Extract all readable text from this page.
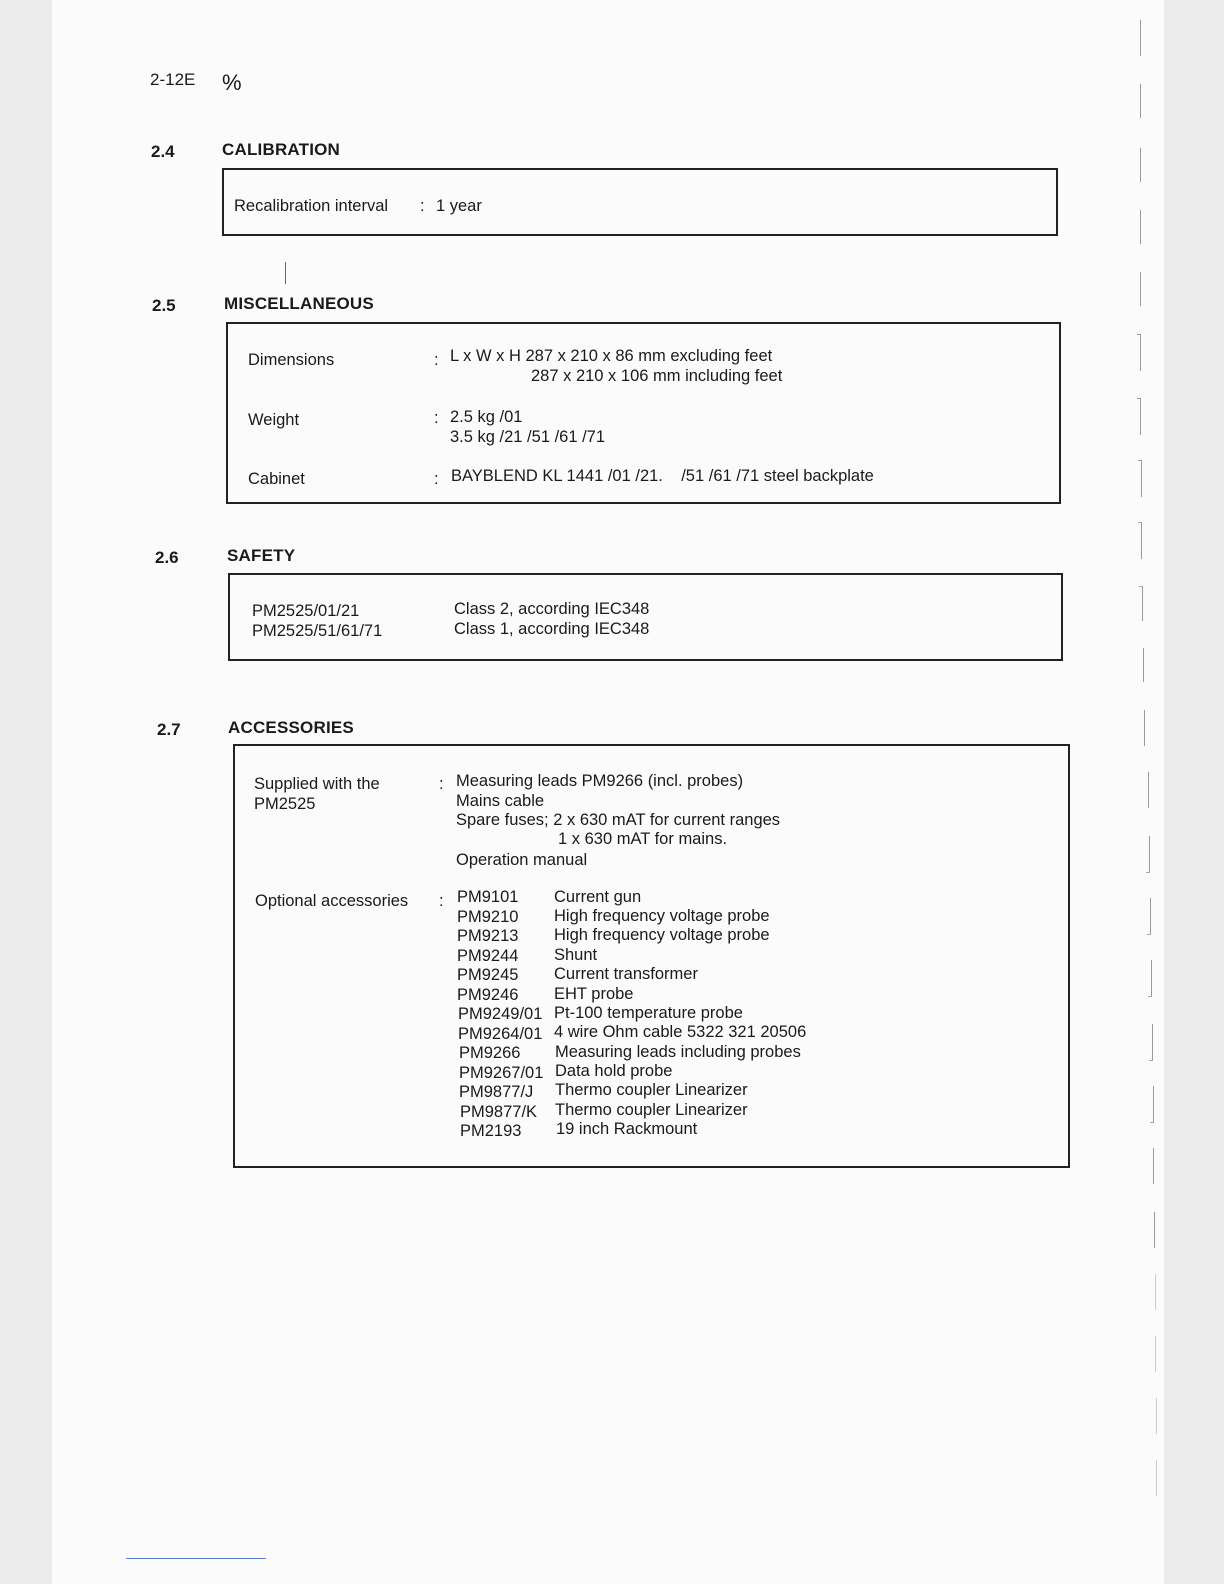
2-12E %
2.4	CALIBRATION
Recalibration interval : 1 year
2.5	MISCELLANEOUS
Dimensions	: L x W x H 287 x 210 x 86 mm excluding feet
287 x 210 x 106 mm including feet
Weight	: 2.5 kg /01
3.5 kg /21 /51 /61 /71
Cabinet	: BAYBLEND KL 1441 /01 /21.    /51 /61 /71 steel backplate
2.6	SAFETY
PM2525/01/21	Class 2, according IEC348
PM2525/51/61/71	Class 1, according IEC348
2.7	ACCESSORIES
Supplied with the
PM2525
: Measuring leads PM9266 (incl. probes)
Mains cable
Spare fuses; 2 x 630 mAT for current ranges
1 x 630 mAT for mains.
Operation manual
Optional accessories : PM9101 Current gun
PM9210 High frequency voltage probe
PM9213 High frequency voltage probe
PM9244 Shunt
PM9245 Current transformer
PM9246 EHT probe
PM9249/01 Pt-100 temperature probe
PM9264/01 4 wire Ohm cable 5322 321 20506
PM9266 Measuring leads including probes
PM9267/01 Data hold probe
PM9877/J Thermo coupler Linearizer
PM9877/K Thermo coupler Linearizer
PM2193 19 inch Rackmount
